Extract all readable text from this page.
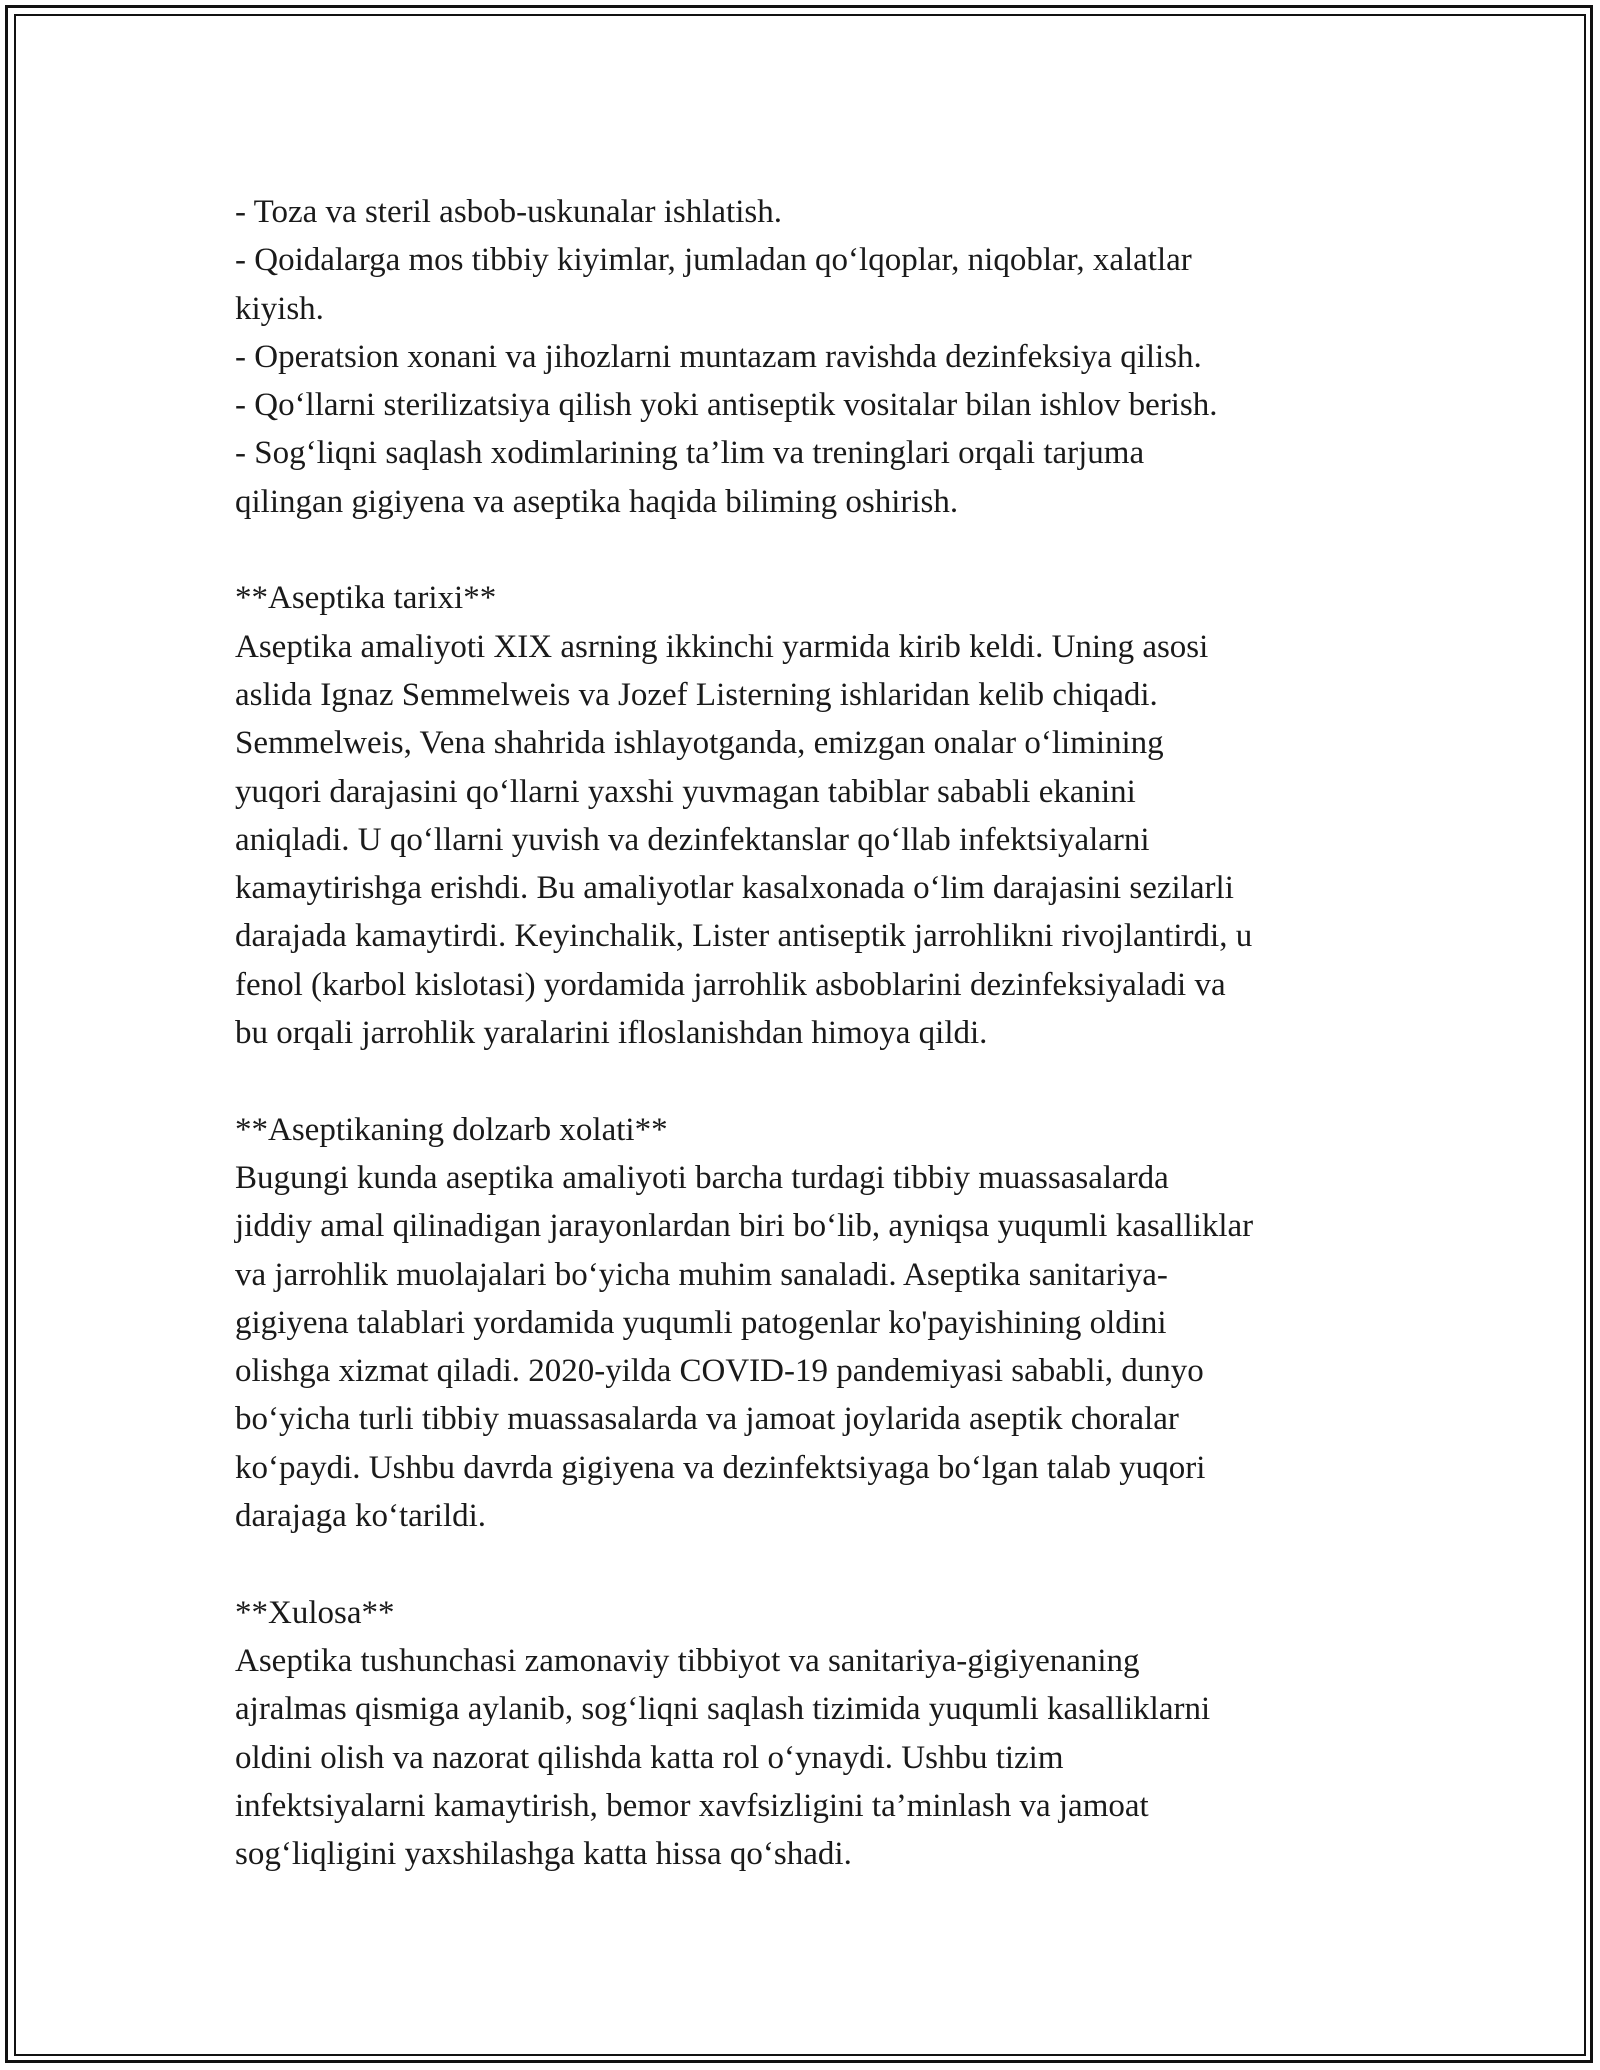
- Toza va steril asbob-uskunalar ishlatish.
- Qoidalarga mos tibbiy kiyimlar, jumladan qo‘lqoplar, niqoblar, xalatlar
kiyish.
- Operatsion xonani va jihozlarni muntazam ravishda dezinfeksiya qilish.
- Qo‘llarni sterilizatsiya qilish yoki antiseptik vositalar bilan ishlov berish.
- Sog‘liqni saqlash xodimlarining ta’lim va treninglari orqali tarjuma
qilingan gigiyena va aseptika haqida biliming oshirish.
**Aseptika tarixi**
Aseptika amaliyoti XIX asrning ikkinchi yarmida kirib keldi. Uning asosi
aslida Ignaz Semmelweis va Jozef Listerning ishlaridan kelib chiqadi.
Semmelweis, Vena shahrida ishlayotganda, emizgan onalar o‘limining
yuqori darajasini qo‘llarni yaxshi yuvmagan tabiblar sababli ekanini
aniqladi. U qo‘llarni yuvish va dezinfektanslar qo‘llab infektsiyalarni
kamaytirishga erishdi. Bu amaliyotlar kasalxonada o‘lim darajasini sezilarli
darajada kamaytirdi. Keyinchalik, Lister antiseptik jarrohlikni rivojlantirdi, u
fenol (karbol kislotasi) yordamida jarrohlik asboblarini dezinfeksiyaladi va
bu orqali jarrohlik yaralarini ifloslanishdan himoya qildi.
**Aseptikaning dolzarb xolati**
Bugungi kunda aseptika amaliyoti barcha turdagi tibbiy muassasalarda
jiddiy amal qilinadigan jarayonlardan biri bo‘lib, ayniqsa yuqumli kasalliklar
va jarrohlik muolajalari bo‘yicha muhim sanaladi. Aseptika sanitariya-
gigiyena talablari yordamida yuqumli patogenlar ko'payishining oldini
olishga xizmat qiladi. 2020-yilda COVID-19 pandemiyasi sababli, dunyo
bo‘yicha turli tibbiy muassasalarda va jamoat joylarida aseptik choralar
ko‘paydi. Ushbu davrda gigiyena va dezinfektsiyaga bo‘lgan talab yuqori
darajaga ko‘tarildi.
**Xulosa**
Aseptika tushunchasi zamonaviy tibbiyot va sanitariya-gigiyenaning
ajralmas qismiga aylanib, sog‘liqni saqlash tizimida yuqumli kasalliklarni
oldini olish va nazorat qilishda katta rol o‘ynaydi. Ushbu tizim
infektsiyalarni kamaytirish, bemor xavfsizligini ta’minlash va jamoat
sog‘liqligini yaxshilashga katta hissa qo‘shadi.
